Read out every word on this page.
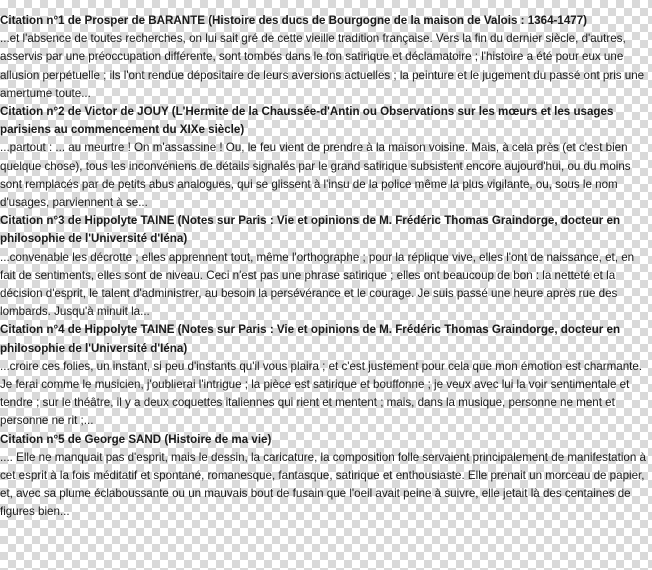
Citation n°1 de Prosper de BARANTE (Histoire des ducs de Bourgogne de la maison de Valois : 1364-1477)
...et l'absence de toutes recherches, on lui sait gré de cette vieille tradition française. Vers la fin du dernier siècle, d'autres, asservis par une préoccupation différente, sont tombés dans le ton satirique et déclamatoire ; l'histoire a été pour eux une allusion perpétuelle ; ils l'ont rendue dépositaire de leurs aversions actuelles ; la peinture et le jugement du passé ont pris une amertume toute...
Citation n°2 de Victor de JOUY (L'Hermite de la Chaussée-d'Antin ou Observations sur les mœurs et les usages parisiens au commencement du XIXe siècle)
...partout : ... au meurtre ! On m'assassine ! Ou, le feu vient de prendre à la maison voisine. Mais, à cela près (et c'est bien quelque chose), tous les inconvéniens de détails signalés par le grand satirique subsistent encore aujourd'hui, ou du moins sont remplacés par de petits abus analogues, qui se glissent à l'insu de la police même la plus vigilante, ou, sous le nom d'usages, parviennent à se...
Citation n°3 de Hippolyte TAINE (Notes sur Paris : Vie et opinions de M. Frédéric Thomas Graindorge, docteur en philosophie de l'Université d'Iéna)
...convenable les décrotte ; elles apprennent tout, même l'orthographe ; pour la réplique vive, elles l'ont de naissance, et, en fait de sentiments, elles sont de niveau. Ceci n'est pas une phrase satirique ; elles ont beaucoup de bon : la netteté et la décision d'esprit, le talent d'administrer, au besoin la persévérance et le courage. Je suis passé une heure après rue des lombards. Jusqu'à minuit la...
Citation n°4 de Hippolyte TAINE (Notes sur Paris : Vie et opinions de M. Frédéric Thomas Graindorge, docteur en philosophie de l'Université d'Iéna)
...croire ces folies, un instant, si peu d'instants qu'il vous plaira ; et c'est justement pour cela que mon émotion est charmante. Je ferai comme le musicien, j'oublierai l'intrigue ; la pièce est satirique et bouffonne ; je veux avec lui la voir sentimentale et tendre ; sur le théâtre, il y a deux coquettes italiennes qui rient et mentent ; mais, dans la musique, personne ne ment et personne ne rit ;...
Citation n°5 de George SAND (Histoire de ma vie)
.... Elle ne manquait pas d'esprit, mais le dessin, la caricature, la composition folle servaient principalement de manifestation à cet esprit à la fois méditatif et spontané, romanesque, fantasque, satirique et enthousiaste. Elle prenait un morceau de papier, et, avec sa plume éclaboussante ou un mauvais bout de fusain que l'oeil avait peine à suivre, elle jetait là des centaines de figures bien...
